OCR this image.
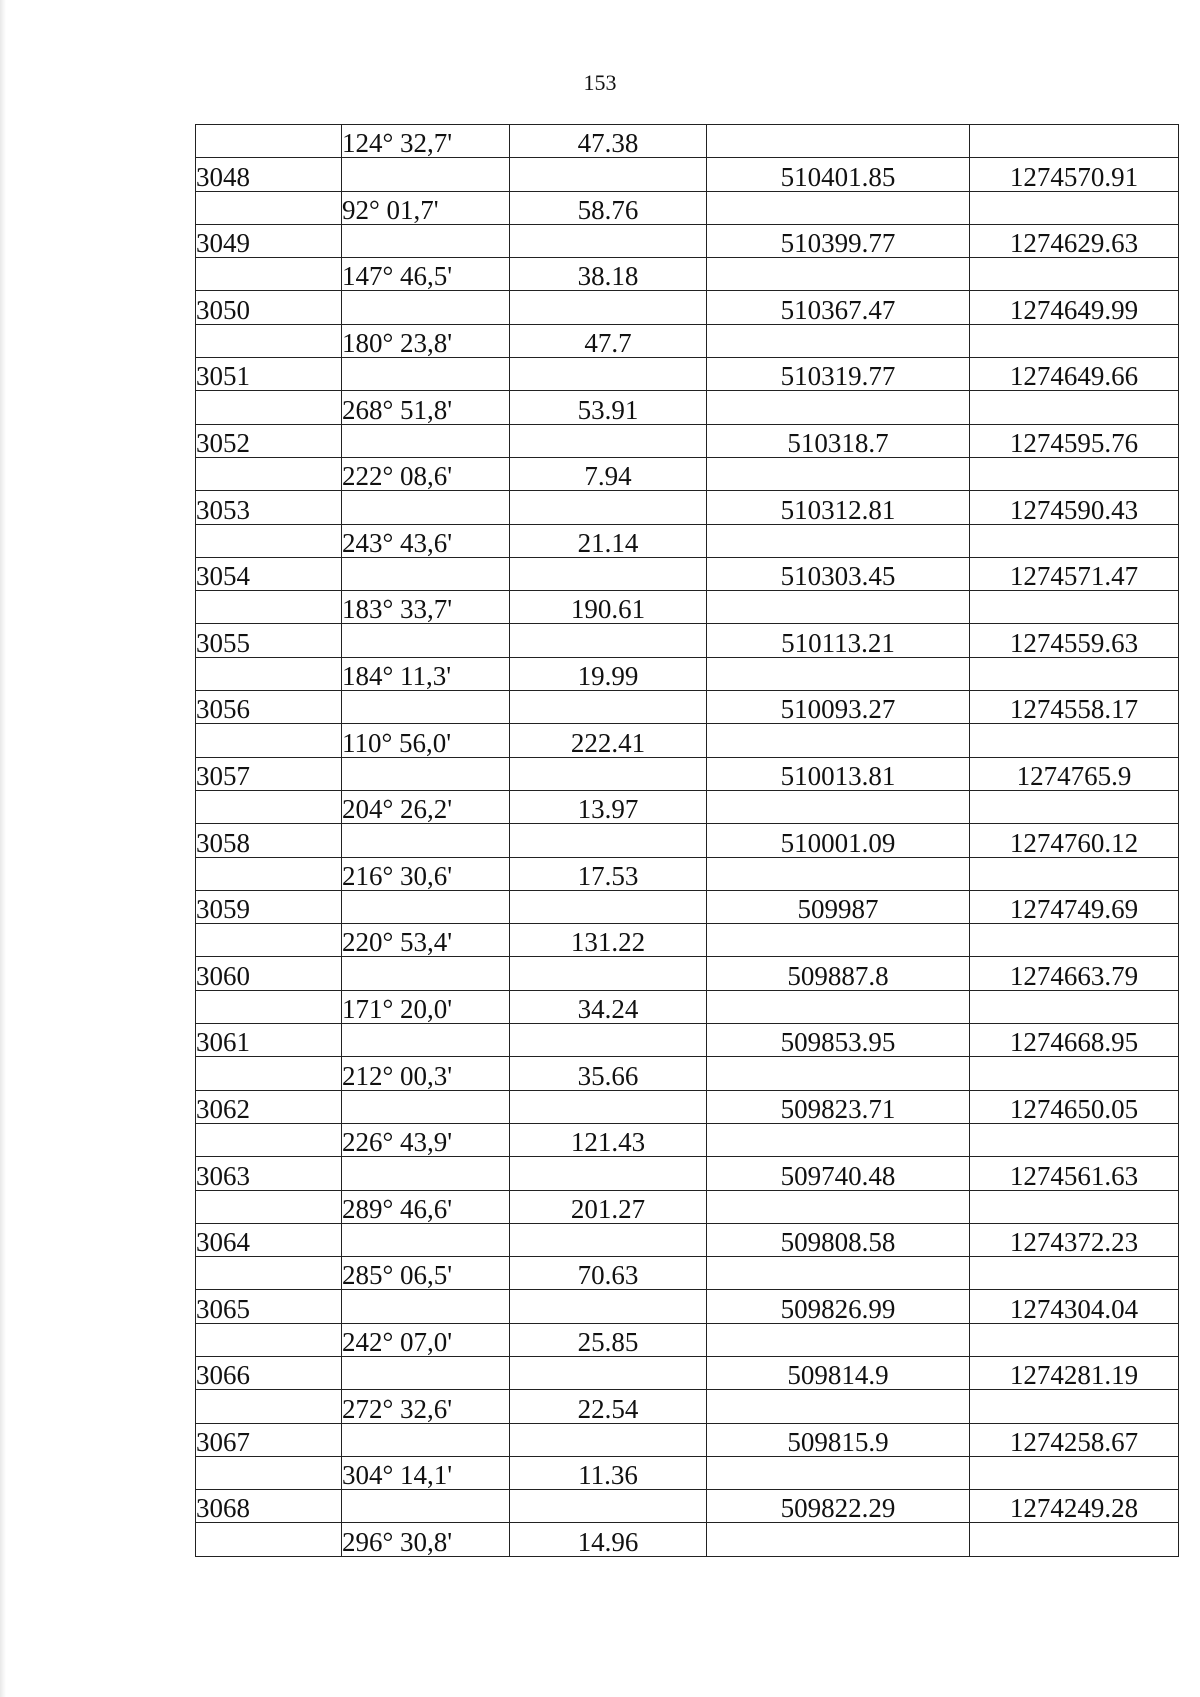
153
	124° 32,7'	47.38		
3048			510401.85	1274570.91
	92° 01,7'	58.76		
3049			510399.77	1274629.63
	147° 46,5'	38.18		
3050			510367.47	1274649.99
	180° 23,8'	47.7		
3051			510319.77	1274649.66
	268° 51,8'	53.91		
3052			510318.7	1274595.76
	222° 08,6'	7.94		
3053			510312.81	1274590.43
	243° 43,6'	21.14		
3054			510303.45	1274571.47
	183° 33,7'	190.61		
3055			510113.21	1274559.63
	184° 11,3'	19.99		
3056			510093.27	1274558.17
	110° 56,0'	222.41		
3057			510013.81	1274765.9
	204° 26,2'	13.97		
3058			510001.09	1274760.12
	216° 30,6'	17.53		
3059			509987	1274749.69
	220° 53,4'	131.22		
3060			509887.8	1274663.79
	171° 20,0'	34.24		
3061			509853.95	1274668.95
	212° 00,3'	35.66		
3062			509823.71	1274650.05
	226° 43,9'	121.43		
3063			509740.48	1274561.63
	289° 46,6'	201.27		
3064			509808.58	1274372.23
	285° 06,5'	70.63		
3065			509826.99	1274304.04
	242° 07,0'	25.85		
3066			509814.9	1274281.19
	272° 32,6'	22.54		
3067			509815.9	1274258.67
	304° 14,1'	11.36		
3068			509822.29	1274249.28
	296° 30,8'	14.96		
